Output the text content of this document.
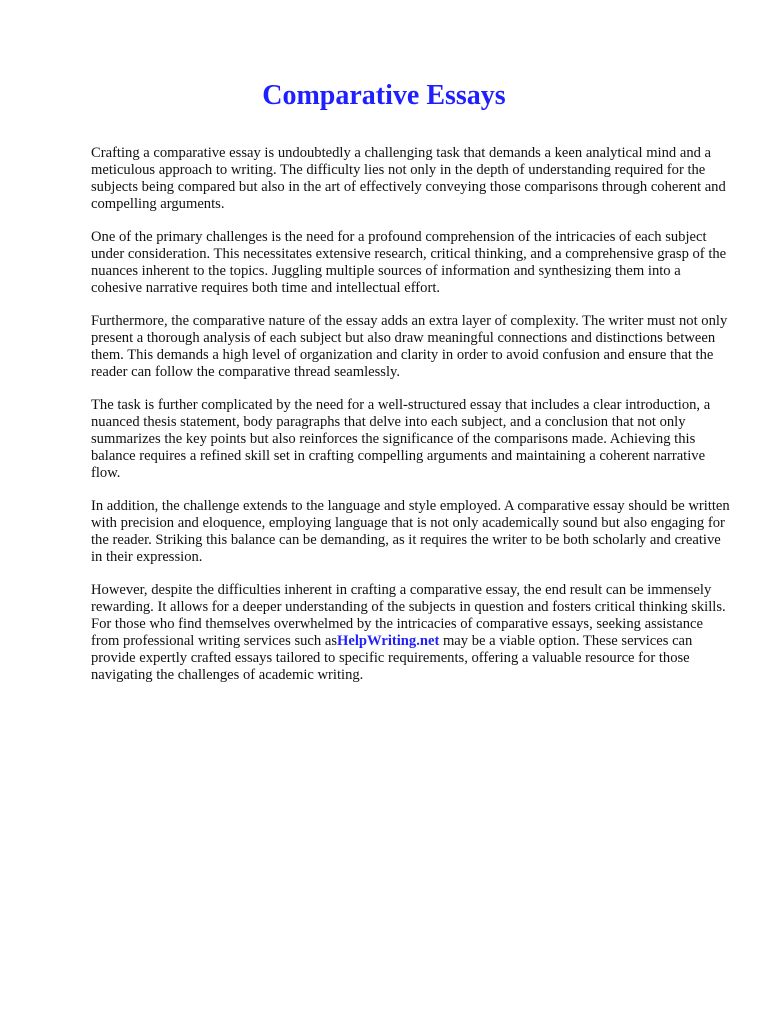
Comparative Essays

Crafting a comparative essay is undoubtedly a challenging task that demands a keen analytical mind and a meticulous approach to writing. The difficulty lies not only in the depth of understanding required for the subjects being compared but also in the art of effectively conveying those comparisons through coherent and compelling arguments.

One of the primary challenges is the need for a profound comprehension of the intricacies of each subject under consideration. This necessitates extensive research, critical thinking, and a comprehensive grasp of the nuances inherent to the topics. Juggling multiple sources of information and synthesizing them into a cohesive narrative requires both time and intellectual effort.

Furthermore, the comparative nature of the essay adds an extra layer of complexity. The writer must not only present a thorough analysis of each subject but also draw meaningful connections and distinctions between them. This demands a high level of organization and clarity in order to avoid confusion and ensure that the reader can follow the comparative thread seamlessly.

The task is further complicated by the need for a well-structured essay that includes a clear introduction, a nuanced thesis statement, body paragraphs that delve into each subject, and a conclusion that not only summarizes the key points but also reinforces the significance of the comparisons made. Achieving this balance requires a refined skill set in crafting compelling arguments and maintaining a coherent narrative flow.

In addition, the challenge extends to the language and style employed. A comparative essay should be written with precision and eloquence, employing language that is not only academically sound but also engaging for the reader. Striking this balance can be demanding, as it requires the writer to be both scholarly and creative in their expression.

However, despite the difficulties inherent in crafting a comparative essay, the end result can be immensely rewarding. It allows for a deeper understanding of the subjects in question and fosters critical thinking skills. For those who find themselves overwhelmed by the intricacies of comparative essays, seeking assistance from professional writing services such asHelpWriting.net may be a viable option. These services can provide expertly crafted essays tailored to specific requirements, offering a valuable resource for those navigating the challenges of academic writing.
